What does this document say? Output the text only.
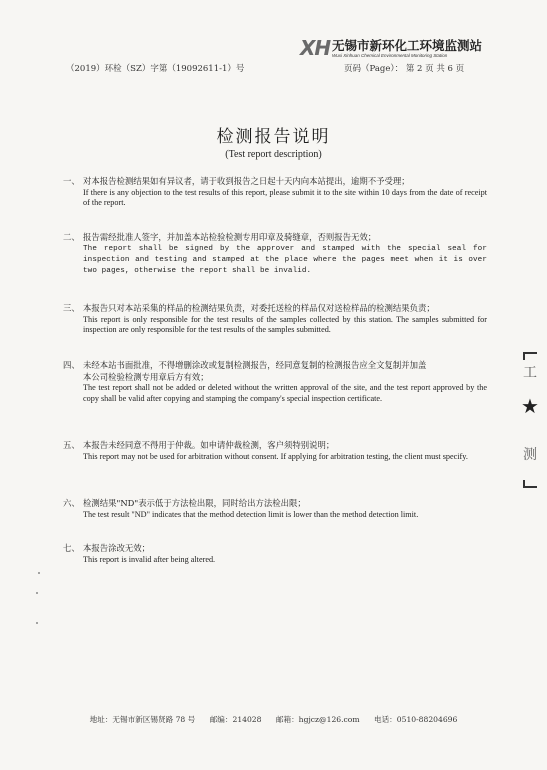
XH 无锡市新环化工环境监测站
Wuxi Xinhuan Chemical Environmental Monitoring Station
（2019）环检（SZ）字第（19092611-1）号	页码（Page）： 第 2 页 共 6 页
检测报告说明
(Test report description)
一、 对本报告检测结果如有异议者，请于收到报告之日起十天内向本站提出，逾期不予受理；
If there is any objection to the test results of this report, please submit it to the site within 10 days from the date of receipt of the report.
二、 报告需经批准人签字，并加盖本站检验检测专用印章及骑缝章，否则报告无效；
The report shall be signed by the approver and stamped with the special seal for inspection and testing and stamped at the place where the pages meet when it is over two pages, otherwise the report shall be invalid.
三、 本报告只对本站采集的样品的检测结果负责，对委托送检的样品仅对送检样品的检测结果负责；
This report is only responsible for the test results of the samples collected by this station. The samples submitted for inspection are only responsible for the test results of the samples submitted.
四、 未经本站书面批准，不得增删涂改或复制检测报告，经同意复制的检测报告应全文复制并加盖
本公司检验检测专用章后方有效；
The test report shall not be added or deleted without the written approval of the site, and the test report approved by the copy shall be valid after copying and stamping the company's special inspection certificate.
五、 本报告未经同意不得用于仲裁。如申请仲裁检测，客户须特别说明；
This report may not be used for arbitration without consent. If applying for arbitration testing, the client must specify.
六、 检测结果"ND"表示低于方法检出限，同时给出方法检出限；
The test result "ND" indicates that the method detection limit is lower than the method detection limit.
七、 本报告涂改无效；
This report is invalid after being altered.
工
★
测
地址：无锡市新区锡贤路 78 号 邮编：214028 邮箱：hgjcz@126.com 电话：0510-88204696
